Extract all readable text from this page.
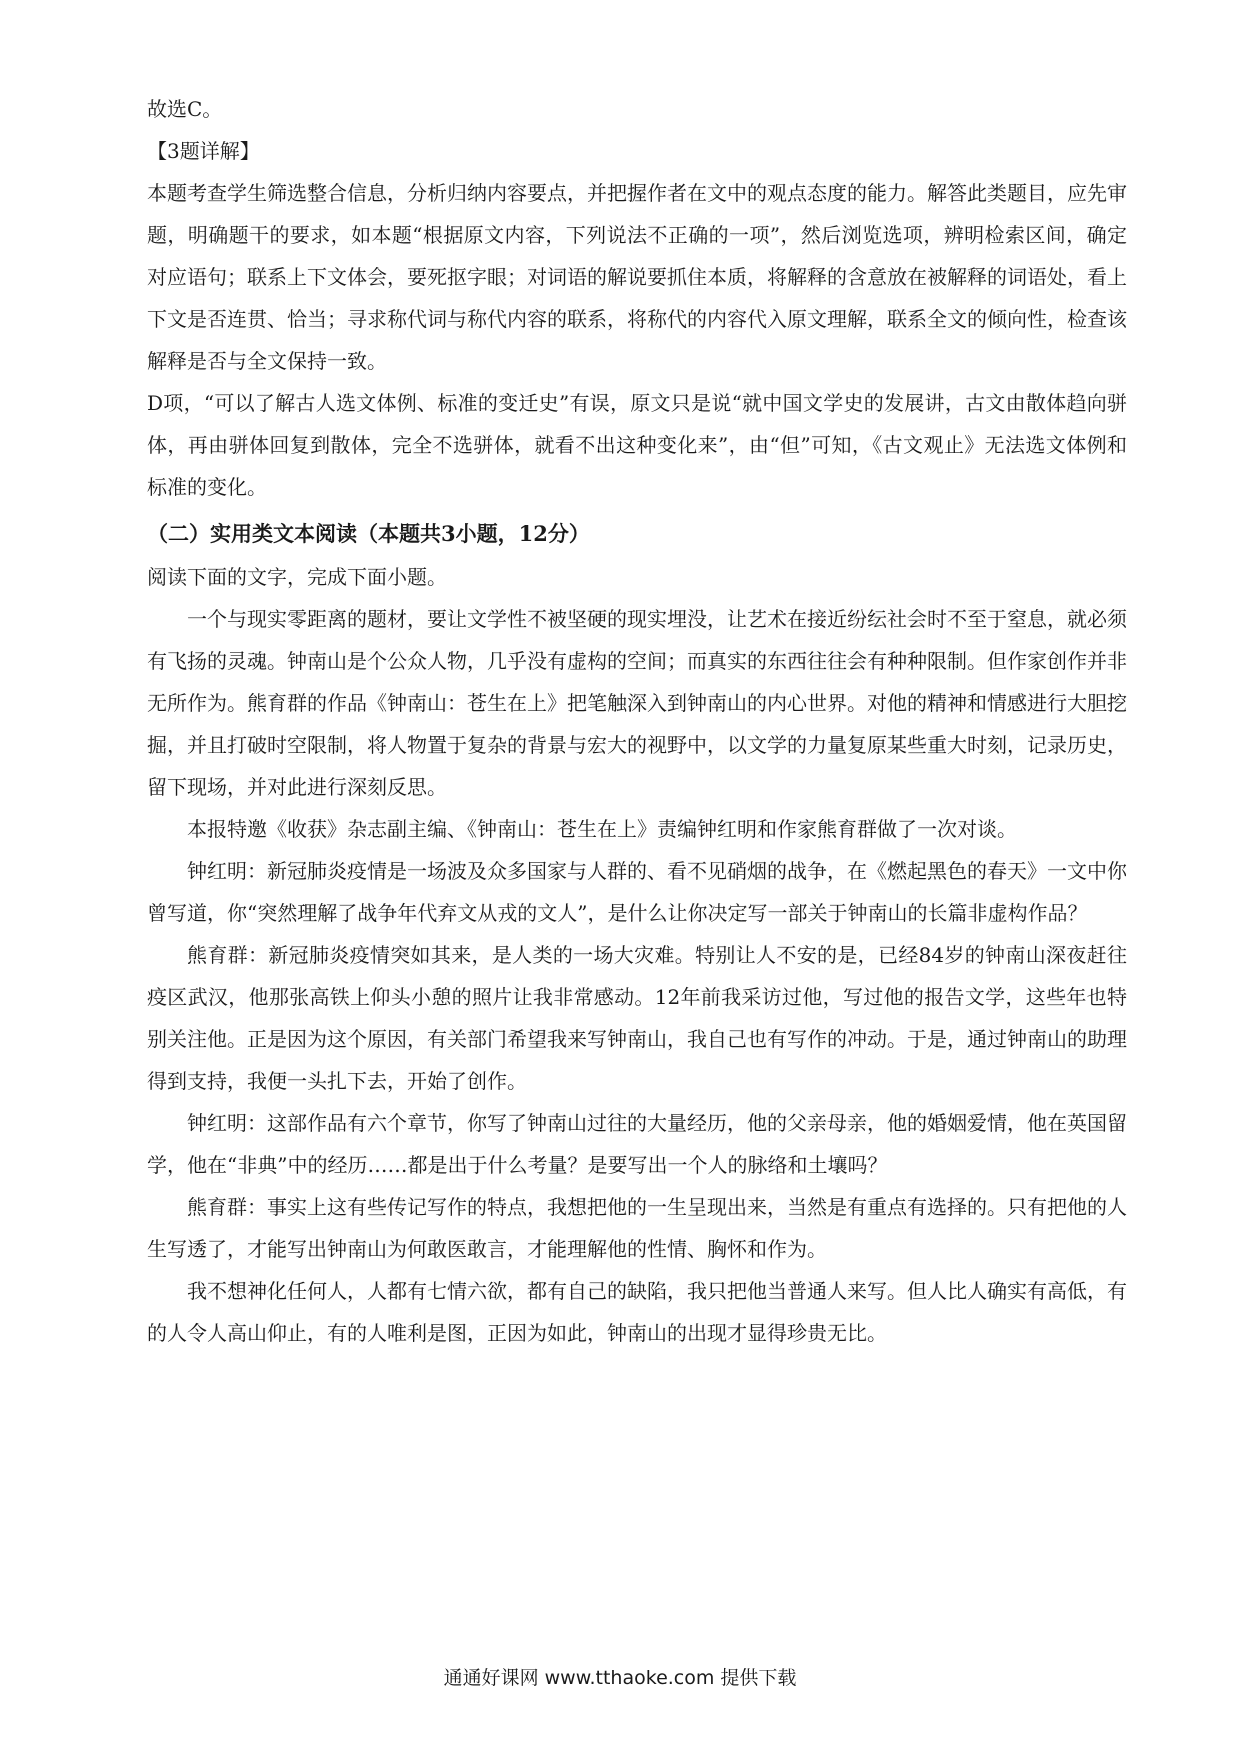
故选C。

【3题详解】

本题考查学生筛选整合信息，分析归纳内容要点，并把握作者在文中的观点态度的能力。解答此类题目，应先审题，明确题干的要求，如本题“根据原文内容，下列说法不正确的一项”，然后浏览选项，辨明检索区间，确定对应语句；联系上下文体会，要死抠字眼；对词语的解说要抓住本质，将解释的含意放在被解释的词语处，看上下文是否连贯、恰当；寻求称代词与称代内容的联系，将称代的内容代入原文理解，联系全文的倾向性，检查该解释是否与全文保持一致。

D项，“可以了解古人选文体例、标准的变迁史”有误，原文只是说“就中国文学史的发展讲，古文由散体趋向骈体，再由骈体回复到散体，完全不选骈体，就看不出这种变化来”，由“但”可知，《古文观止》无法选文体例和标准的变化。

（二）实用类文本阅读（本题共3小题，12分）

阅读下面的文字，完成下面小题。

一个与现实零距离的题材，要让文学性不被坚硬的现实埋没，让艺术在接近纷纭社会时不至于窒息，就必须有飞扬的灵魂。钟南山是个公众人物，几乎没有虚构的空间；而真实的东西往往会有种种限制。但作家创作并非无所作为。熊育群的作品《钟南山：苍生在上》把笔触深入到钟南山的内心世界。对他的精神和情感进行大胆挖掘，并且打破时空限制，将人物置于复杂的背景与宏大的视野中，以文学的力量复原某些重大时刻，记录历史，留下现场，并对此进行深刻反思。

本报特邀《收获》杂志副主编、《钟南山：苍生在上》责编钟红明和作家熊育群做了一次对谈。

钟红明：新冠肺炎疫情是一场波及众多国家与人群的、看不见硝烟的战争，在《燃起黑色的春天》一文中你曾写道，你“突然理解了战争年代弃文从戎的文人”，是什么让你决定写一部关于钟南山的长篇非虚构作品？

熊育群：新冠肺炎疫情突如其来，是人类的一场大灾难。特别让人不安的是，已经84岁的钟南山深夜赶往疫区武汉，他那张高铁上仰头小憩的照片让我非常感动。12年前我采访过他，写过他的报告文学，这些年也特别关注他。正是因为这个原因，有关部门希望我来写钟南山，我自己也有写作的冲动。于是，通过钟南山的助理得到支持，我便一头扎下去，开始了创作。

钟红明：这部作品有六个章节，你写了钟南山过往的大量经历，他的父亲母亲，他的婚姻爱情，他在英国留学，他在“非典”中的经历……都是出于什么考量？是要写出一个人的脉络和土壤吗？

熊育群：事实上这有些传记写作的特点，我想把他的一生呈现出来，当然是有重点有选择的。只有把他的人生写透了，才能写出钟南山为何敢医敢言，才能理解他的性情、胸怀和作为。

我不想神化任何人，人都有七情六欲，都有自己的缺陷，我只把他当普通人来写。但人比人确实有高低，有的人令人高山仰止，有的人唯利是图，正因为如此，钟南山的出现才显得珍贵无比。

通通好课网 www.tthaoke.com 提供下载
